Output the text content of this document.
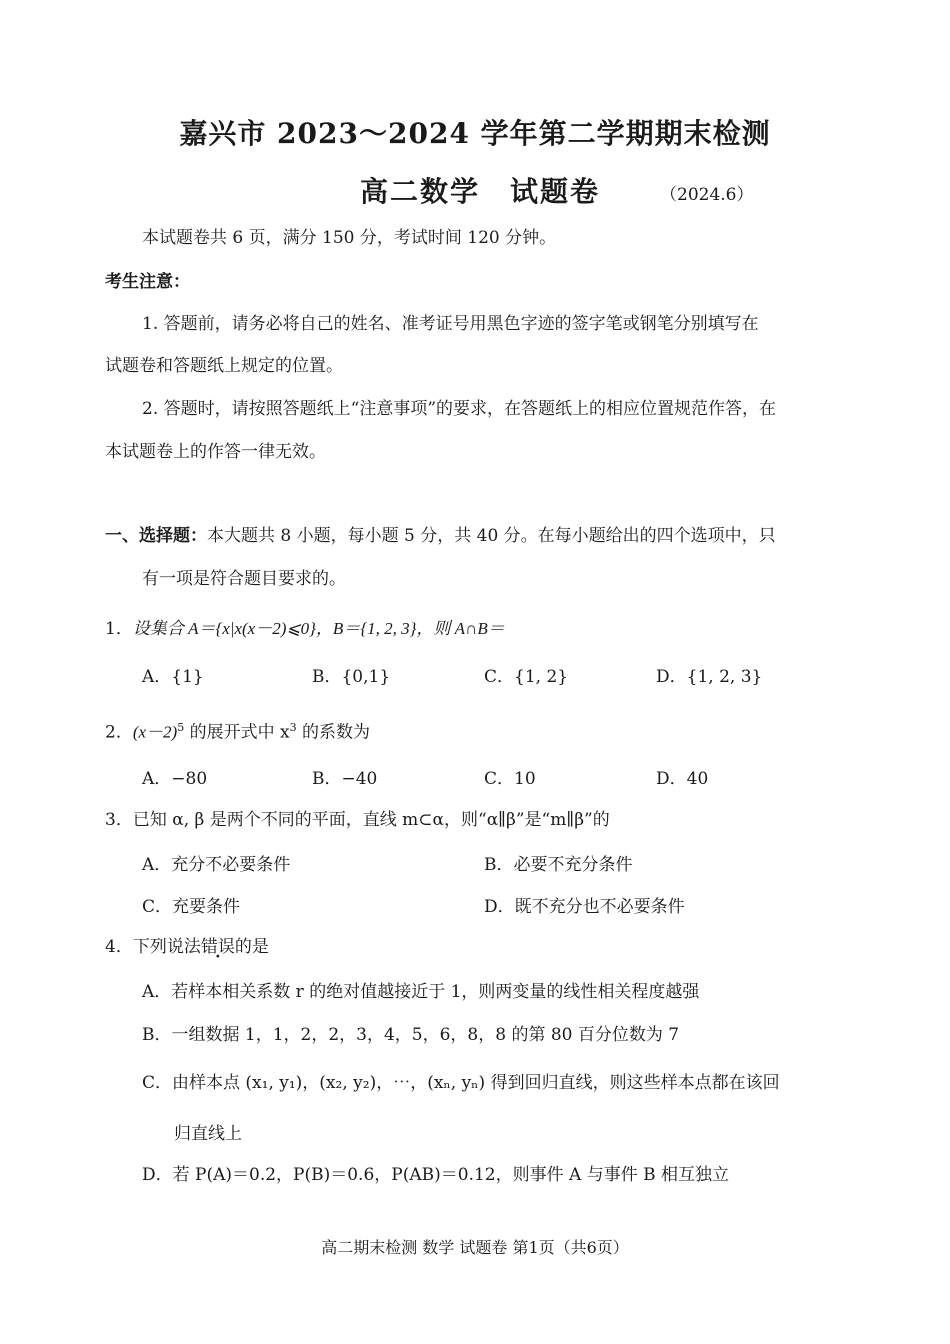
嘉兴市 2023～2024 学年第二学期期末检测
高二数学　试题卷	（2024.6）
本试题卷共 6 页，满分 150 分，考试时间 120 分钟。
考生注意：
1. 答题前，请务必将自己的姓名、准考证号用黑色字迹的签字笔或钢笔分别填写在
试题卷和答题纸上规定的位置。
2. 答题时，请按照答题纸上“注意事项”的要求，在答题纸上的相应位置规范作答，在
本试题卷上的作答一律无效。
一、选择题：本大题共 8 小题，每小题 5 分，共 40 分。在每小题给出的四个选项中，只
有一项是符合题目要求的。
1．设集合 A＝{x|x(x－2)⩽0}，B＝{1, 2, 3}，则 A∩B＝
A．{1}	B．{0,1}	C．{1, 2}	D．{1, 2, 3}
2．$(x-2)^5$ 的展开式中 $x^3$ 的系数为
A．−80	B．−40	C．10	D．40
3．已知 α, β 是两个不同的平面，直线 m⊂α，则“α∥β”是“m∥β”的
A．充分不必要条件	B．必要不充分条件
C．充要条件	D．既不充分也不必要条件
4．下列说法错误的是
A．若样本相关系数 r 的绝对值越接近于 1，则两变量的线性相关程度越强
B．一组数据 1，1，2，2，3，4，5，6，8，8 的第 80 百分位数为 7
C．由样本点 (x₁, y₁)，(x₂, y₂)，⋯，(xₙ, yₙ) 得到回归直线，则这些样本点都在该回
归直线上
D．若 P(A)＝0.2，P(B)＝0.6，P(AB)＝0.12，则事件 A 与事件 B 相互独立
高二期末检测 数学 试题卷 第1页（共6页）
